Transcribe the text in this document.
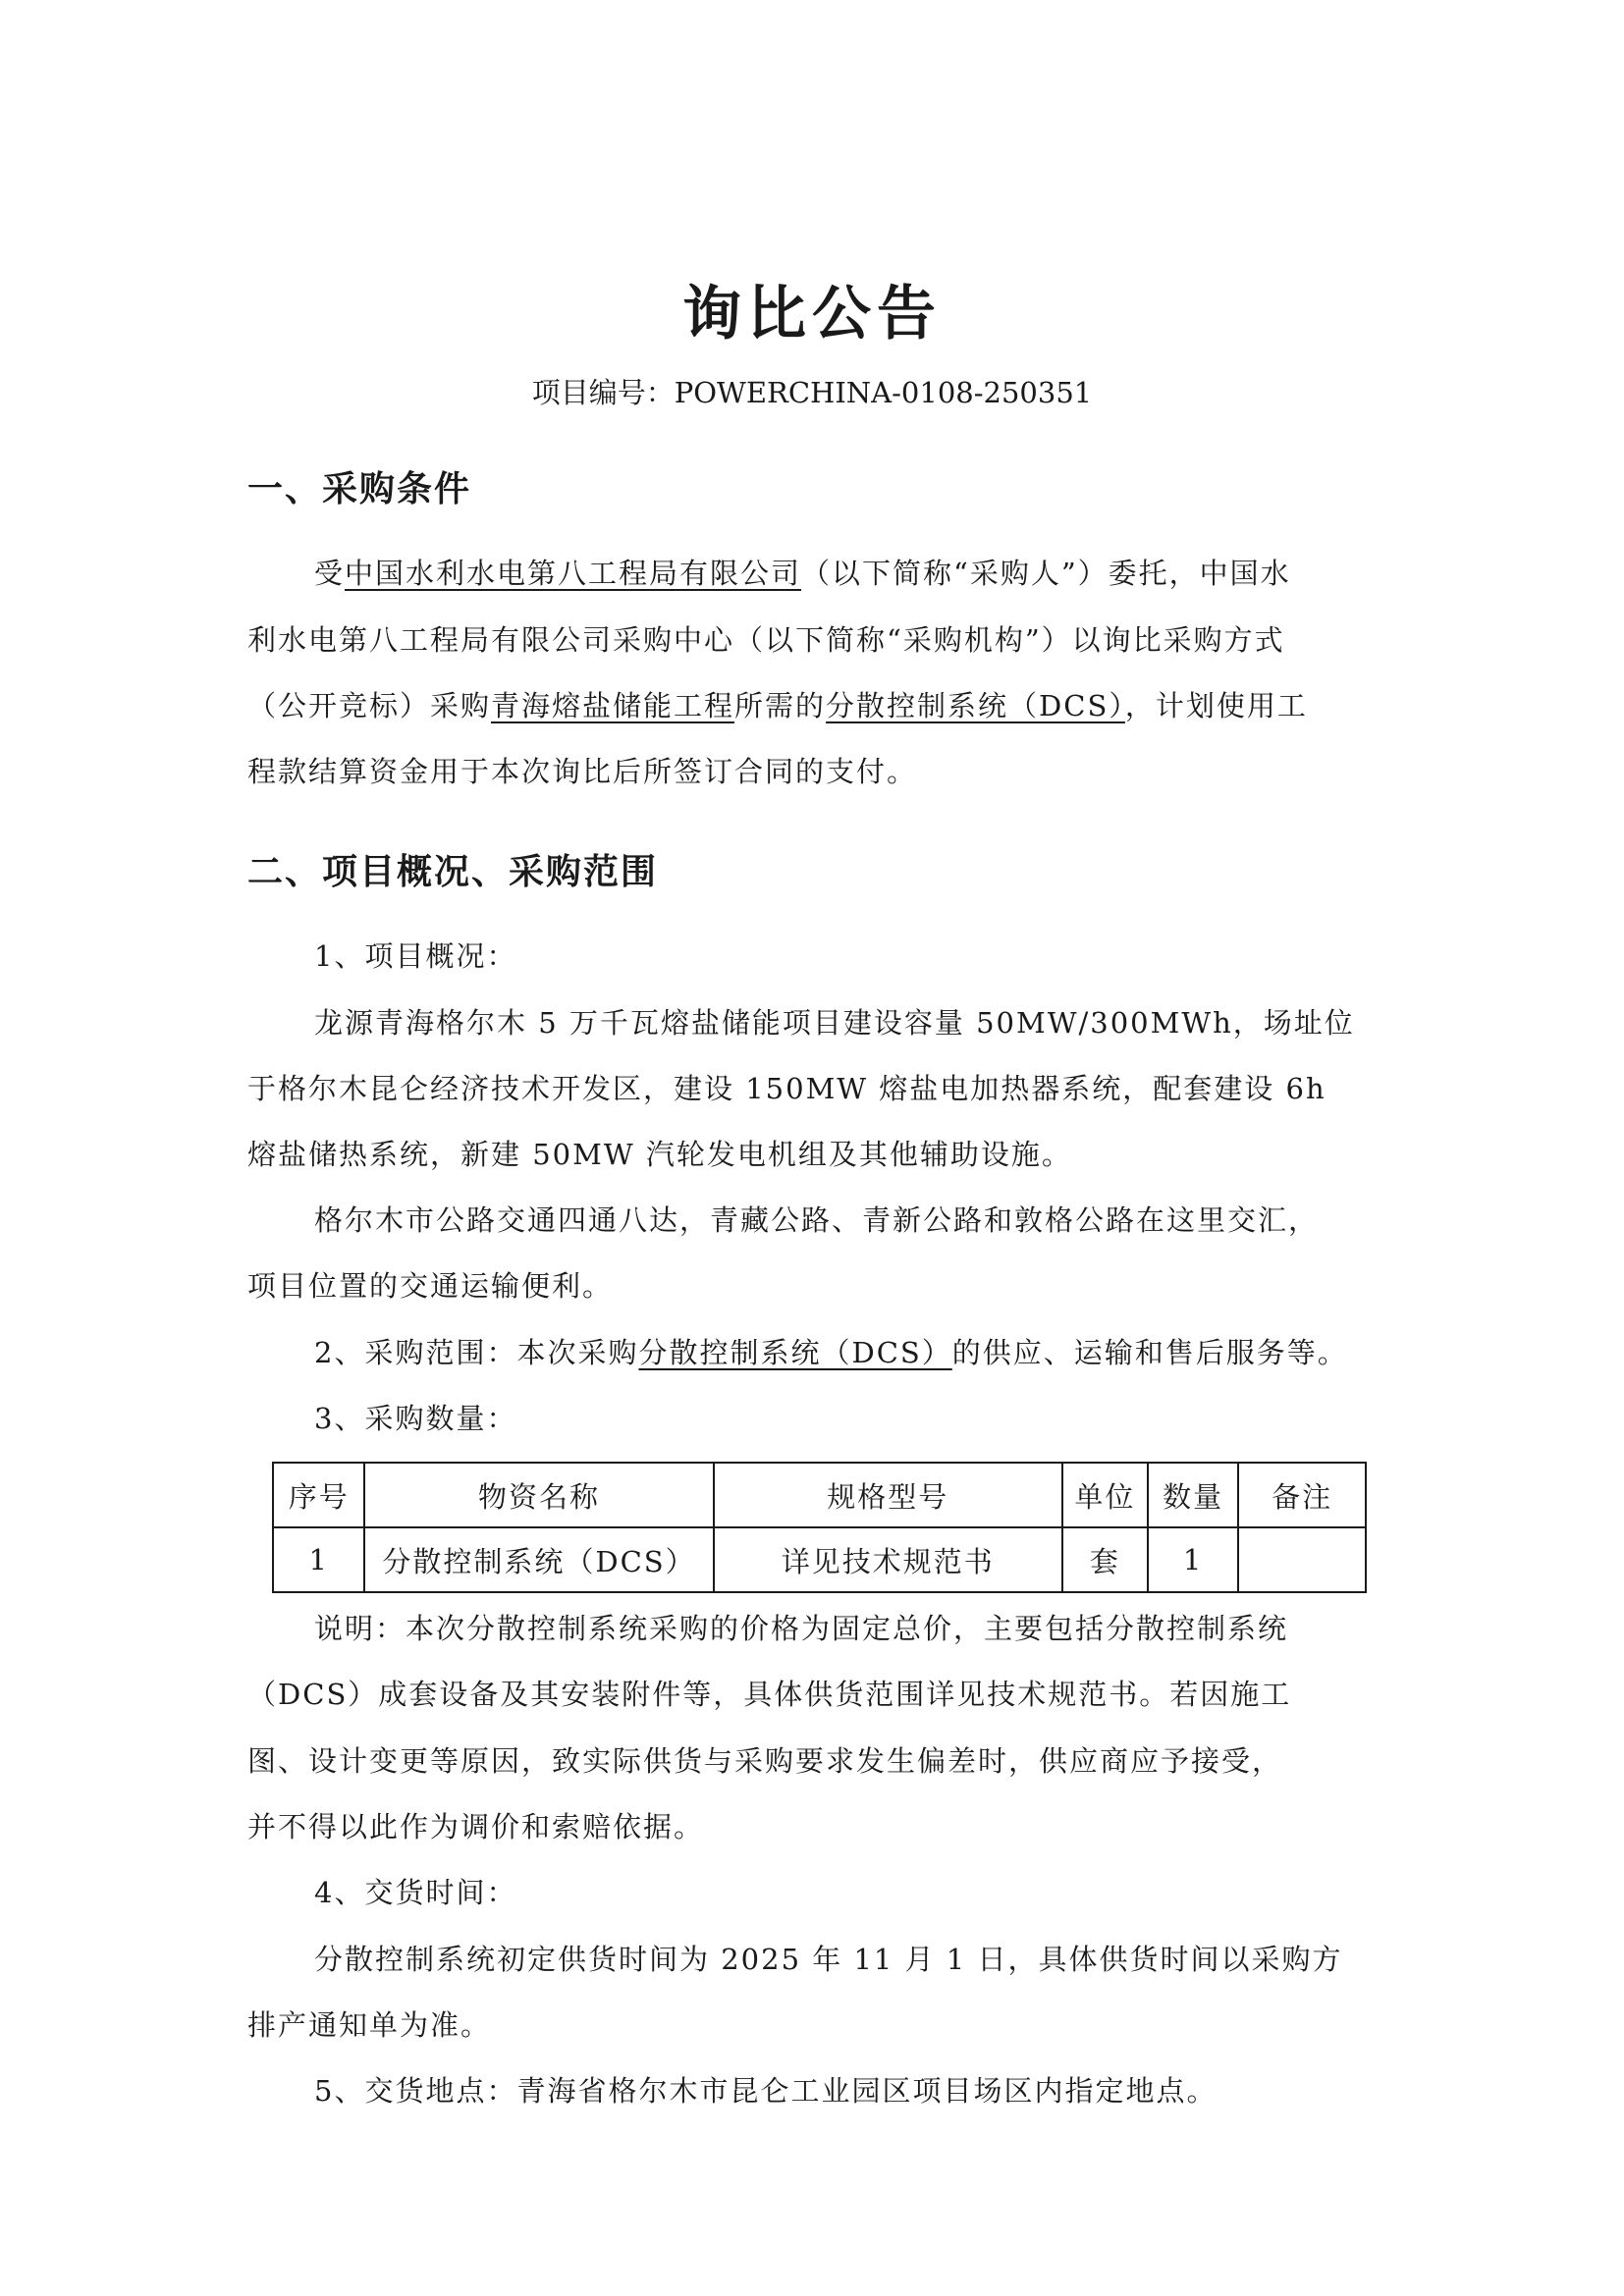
询比公告
项目编号：POWERCHINA-0108-250351
一、采购条件
受中国水利水电第八工程局有限公司（以下简称“采购人”）委托，中国水
利水电第八工程局有限公司采购中心（以下简称“采购机构”）以询比采购方式
（公开竞标）采购青海熔盐储能工程所需的分散控制系统（DCS），计划使用工
程款结算资金用于本次询比后所签订合同的支付。
二、项目概况、采购范围
1、项目概况：
龙源青海格尔木 5 万千瓦熔盐储能项目建设容量 50MW/300MWh，场址位
于格尔木昆仑经济技术开发区，建设 150MW 熔盐电加热器系统，配套建设 6h
熔盐储热系统，新建 50MW 汽轮发电机组及其他辅助设施。
格尔木市公路交通四通八达，青藏公路、青新公路和敦格公路在这里交汇，
项目位置的交通运输便利。
2、采购范围：本次采购分散控制系统（DCS）的供应、运输和售后服务等。
3、采购数量：
序号	物资名称	规格型号	单位	数量	备注
1	分散控制系统（DCS）	详见技术规范书	套	1	
说明：本次分散控制系统采购的价格为固定总价，主要包括分散控制系统
（DCS）成套设备及其安装附件等，具体供货范围详见技术规范书。若因施工
图、设计变更等原因，致实际供货与采购要求发生偏差时，供应商应予接受，
并不得以此作为调价和索赔依据。
4、交货时间：
分散控制系统初定供货时间为 2025 年 11 月 1 日，具体供货时间以采购方
排产通知单为准。
5、交货地点：青海省格尔木市昆仑工业园区项目场区内指定地点。
